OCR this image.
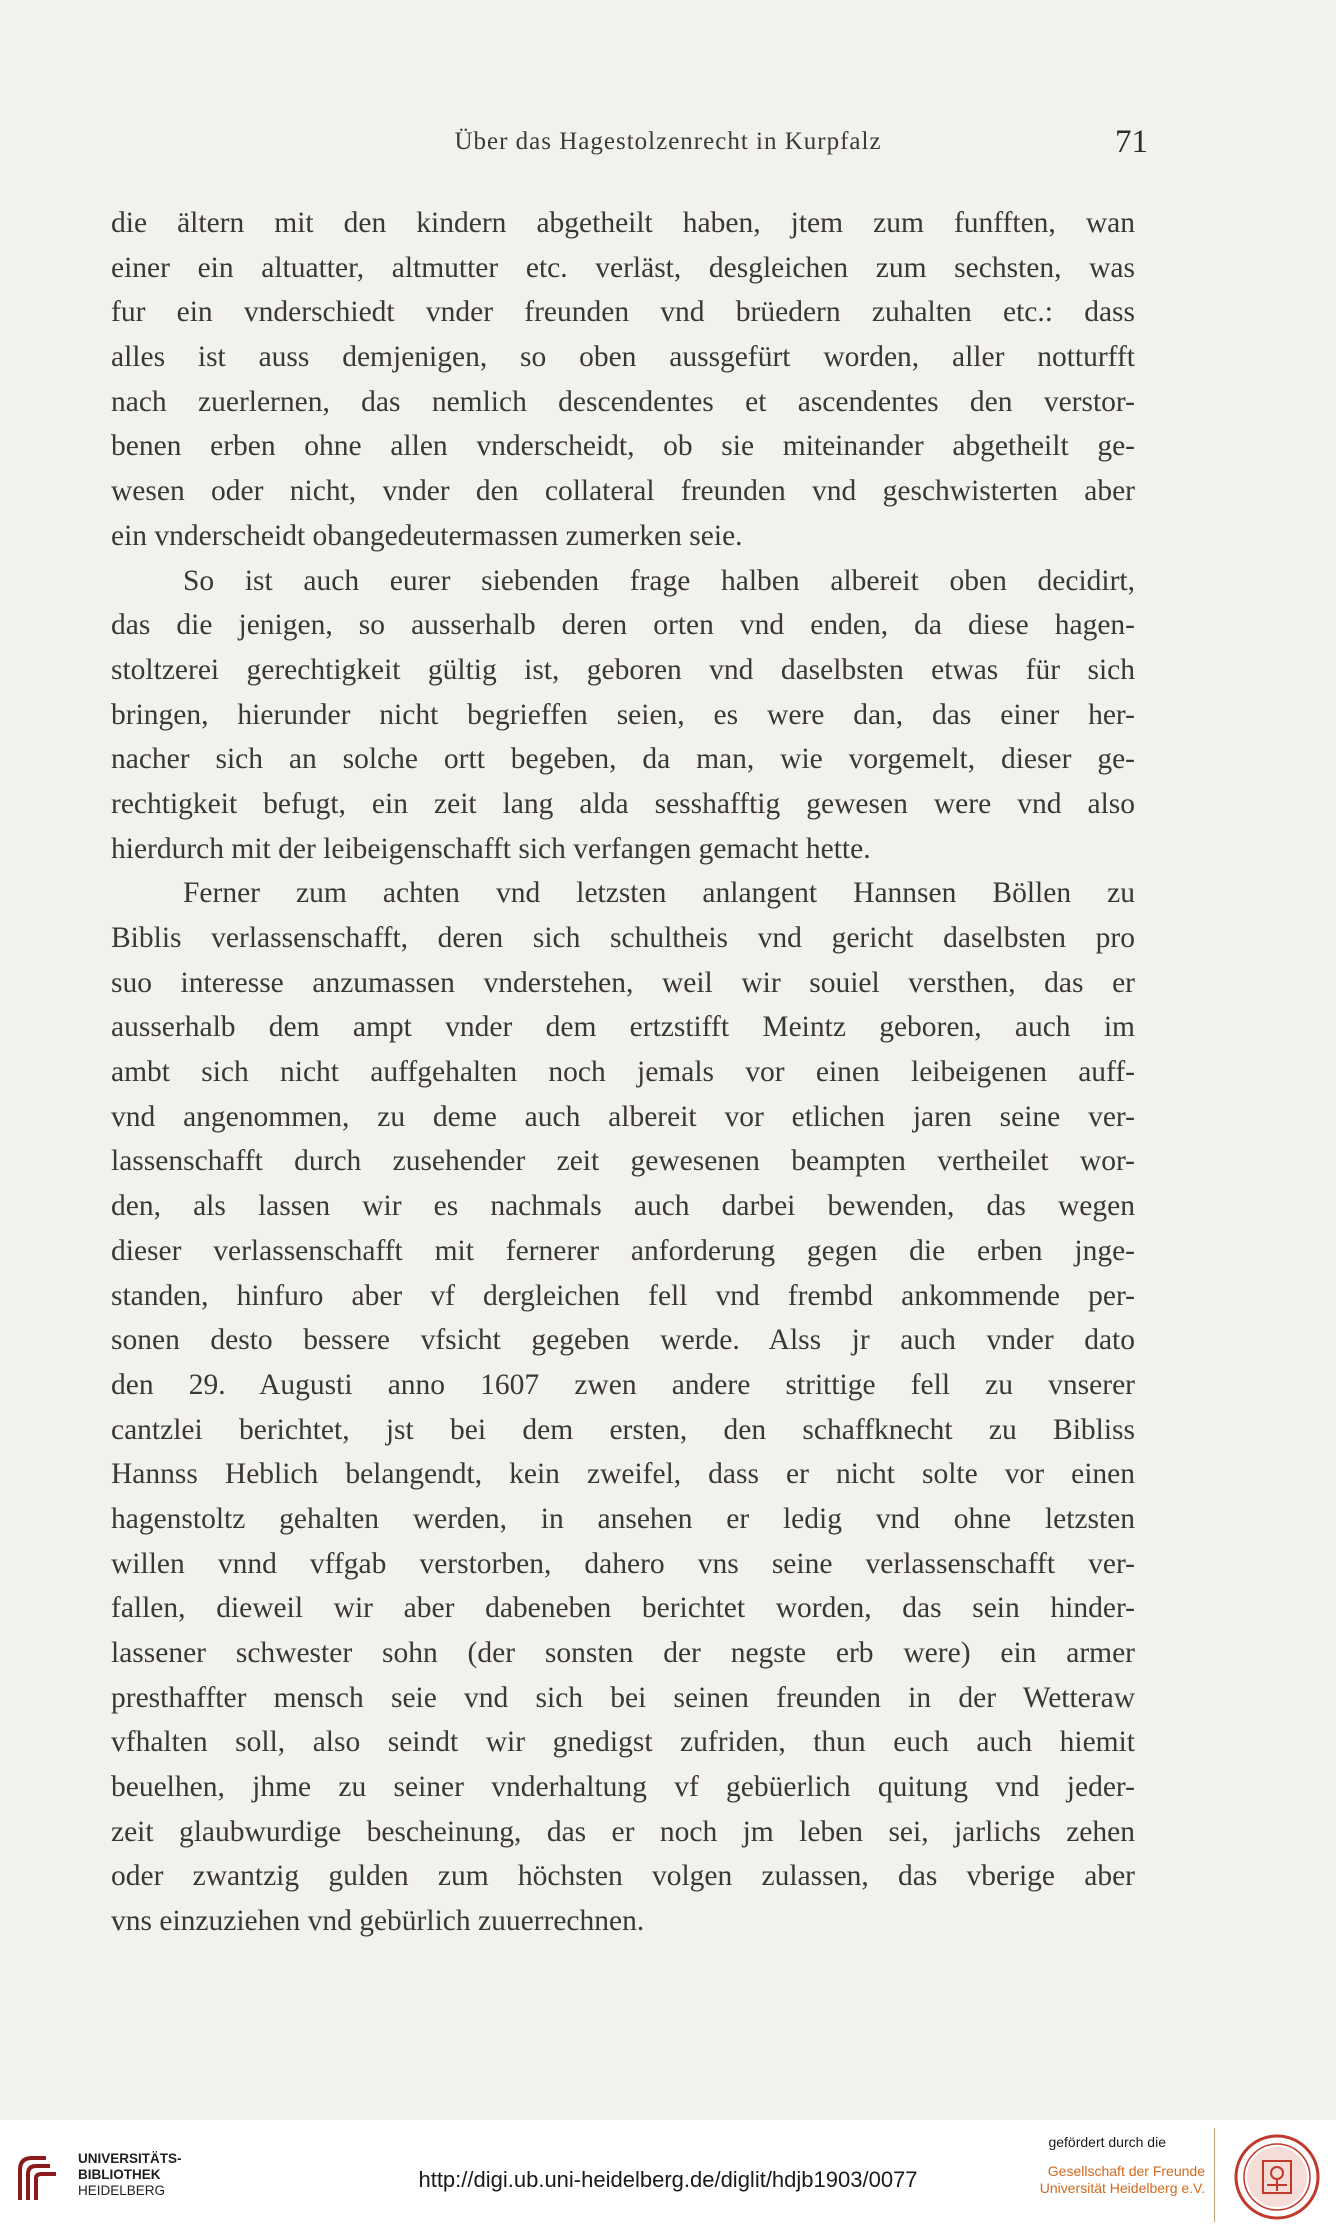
Über das Hagestolzenrecht in Kurpfalz	71
die ältern mit den kindern abgetheilt haben, jtem zum funfften, wan
einer ein altuatter, altmutter etc. verläst, desgleichen zum sechsten, was
fur ein vnderschiedt vnder freunden vnd brüedern zuhalten etc.: dass
alles ist auss demjenigen, so oben aussgefürt worden, aller notturfft
nach zuerlernen, das nemlich descendentes et ascendentes den verstor-
benen erben ohne allen vnderscheidt, ob sie miteinander abgetheilt ge-
wesen oder nicht, vnder den collateral freunden vnd geschwisterten aber
ein vnderscheidt obangedeutermassen zumerken seie.
So ist auch eurer siebenden frage halben albereit oben decidirt,
das die jenigen, so ausserhalb deren orten vnd enden, da diese hagen-
stoltzerei gerechtigkeit gültig ist, geboren vnd daselbsten etwas für sich
bringen, hierunder nicht begrieffen seien, es were dan, das einer her-
nacher sich an solche ortt begeben, da man, wie vorgemelt, dieser ge-
rechtigkeit befugt, ein zeit lang alda sesshafftig gewesen were vnd also
hierdurch mit der leibeigenschafft sich verfangen gemacht hette.
Ferner zum achten vnd letzsten anlangent Hannsen Böllen zu
Biblis verlassenschafft, deren sich schultheis vnd gericht daselbsten pro
suo interesse anzumassen vnderstehen, weil wir souiel versthen, das er
ausserhalb dem ampt vnder dem ertzstifft Meintz geboren, auch im
ambt sich nicht auffgehalten noch jemals vor einen leibeigenen auff-
vnd angenommen, zu deme auch albereit vor etlichen jaren seine ver-
lassenschafft durch zusehender zeit gewesenen beampten vertheilet wor-
den, als lassen wir es nachmals auch darbei bewenden, das wegen
dieser verlassenschafft mit fernerer anforderung gegen die erben jnge-
standen, hinfuro aber vf dergleichen fell vnd frembd ankommende per-
sonen desto bessere vfsicht gegeben werde. Alss jr auch vnder dato
den 29. Augusti anno 1607 zwen andere strittige fell zu vnserer
cantzlei berichtet, jst bei dem ersten, den schaffknecht zu Bibliss
Hannss Heblich belangendt, kein zweifel, dass er nicht solte vor einen
hagenstoltz gehalten werden, in ansehen er ledig vnd ohne letzsten
willen vnnd vffgab verstorben, dahero vns seine verlassenschafft ver-
fallen, dieweil wir aber dabeneben berichtet worden, das sein hinder-
lassener schwester sohn (der sonsten der negste erb were) ein armer
presthaffter mensch seie vnd sich bei seinen freunden in der Wetteraw
vfhalten soll, also seindt wir gnedigst zufriden, thun euch auch hiemit
beuelhen, jhme zu seiner vnderhaltung vf gebüerlich quitung vnd jeder-
zeit glaubwurdige bescheinung, das er noch jm leben sei, jarlichs zehen
oder zwantzig gulden zum höchsten volgen zulassen, das vberige aber
vns einzuziehen vnd gebürlich zuuerrechnen.
UNIVERSITÄTS-
BIBLIOTHEK
HEIDELBERG	http://digi.ub.uni-heidelberg.de/diglit/hdjb1903/0077
gefördert durch die
Gesellschaft der Freunde
Universität Heidelberg e.V.
